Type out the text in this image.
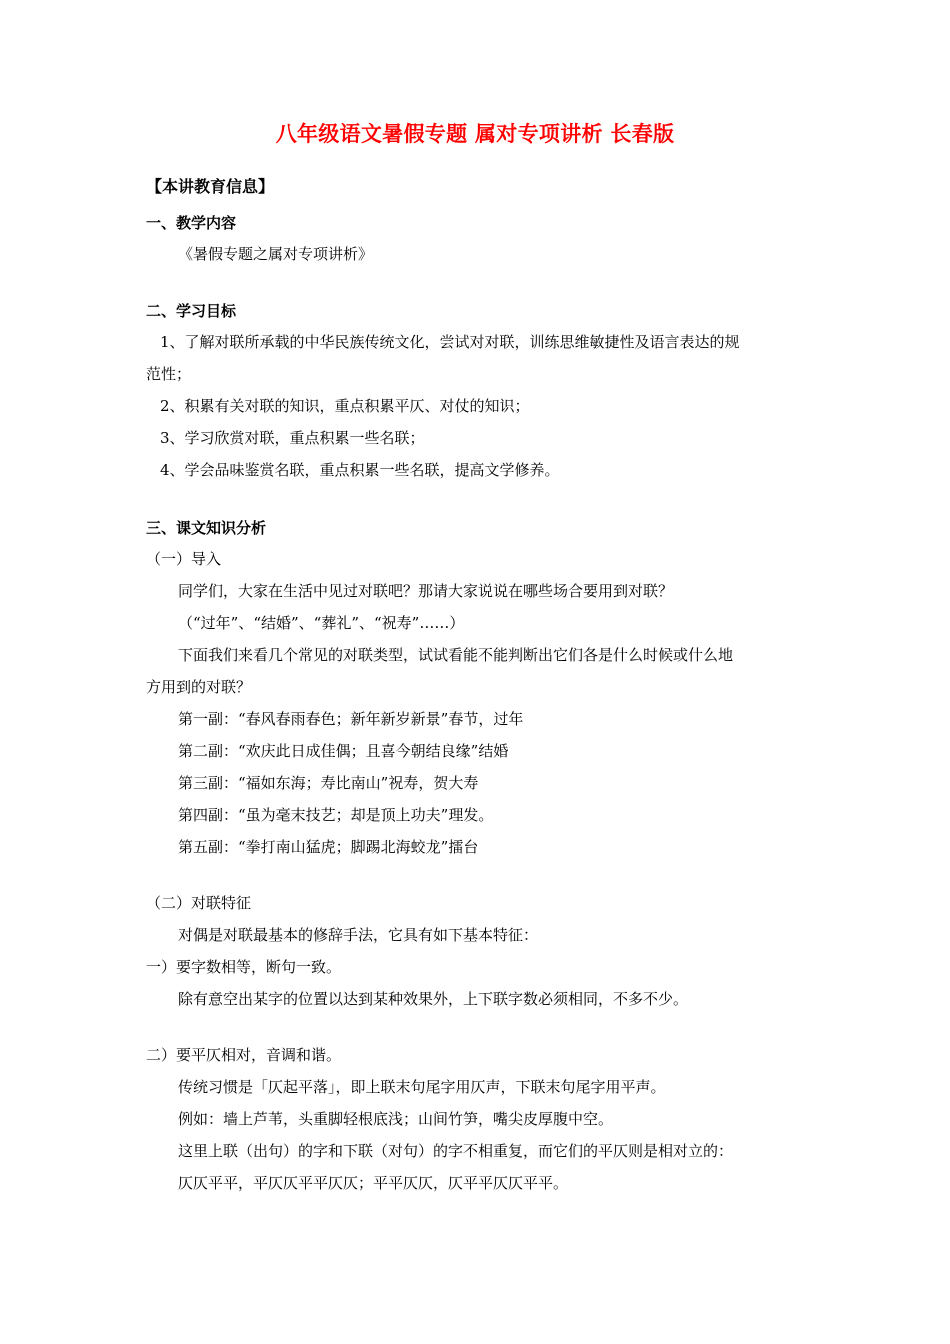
八年级语文暑假专题 属对专项讲析 长春版
【本讲教育信息】
一、教学内容
《暑假专题之属对专项讲析》
二、学习目标
1、了解对联所承载的中华民族传统文化，尝试对对联，训练思维敏捷性及语言表达的规
范性；
2、积累有关对联的知识，重点积累平仄、对仗的知识；
3、学习欣赏对联，重点积累一些名联；
4、学会品味鉴赏名联，重点积累一些名联，提高文学修养。
三、课文知识分析
（一）导入
同学们，大家在生活中见过对联吧？那请大家说说在哪些场合要用到对联？
（“过年”、“结婚”、“葬礼”、“祝寿”……）
下面我们来看几个常见的对联类型，试试看能不能判断出它们各是什么时候或什么地
方用到的对联？
第一副：“春风春雨春色；新年新岁新景”春节，过年
第二副：“欢庆此日成佳偶；且喜今朝结良缘”结婚
第三副：“福如东海；寿比南山”祝寿，贺大寿
第四副：“虽为毫末技艺；却是顶上功夫”理发。
第五副：“拳打南山猛虎；脚踢北海蛟龙”擂台
（二）对联特征
对偶是对联最基本的修辞手法，它具有如下基本特征：
一）要字数相等，断句一致。
除有意空出某字的位置以达到某种效果外，上下联字数必须相同，不多不少。
二）要平仄相对，音调和谐。
传统习惯是「仄起平落」，即上联末句尾字用仄声，下联末句尾字用平声。
例如：墙上芦苇，头重脚轻根底浅；山间竹笋，嘴尖皮厚腹中空。
这里上联（出句）的字和下联（对句）的字不相重复，而它们的平仄则是相对立的：
仄仄平平，平仄仄平平仄仄；平平仄仄，仄平平仄仄平平。
